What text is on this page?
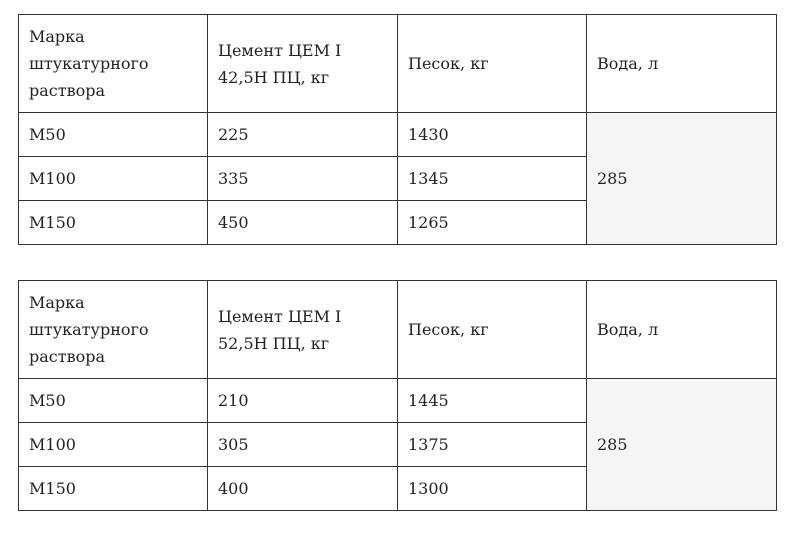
Марка штукатурного раствора	Цемент ЦЕМ I 42,5Н ПЦ, кг	Песок, кг	Вода, л
М50	225	1430	285
М100	335	1345	
М150	450	1265	
Марка штукатурного раствора	Цемент ЦЕМ I 52,5Н ПЦ, кг	Песок, кг	Вода, л
М50	210	1445	285
М100	305	1375	
М150	400	1300	
